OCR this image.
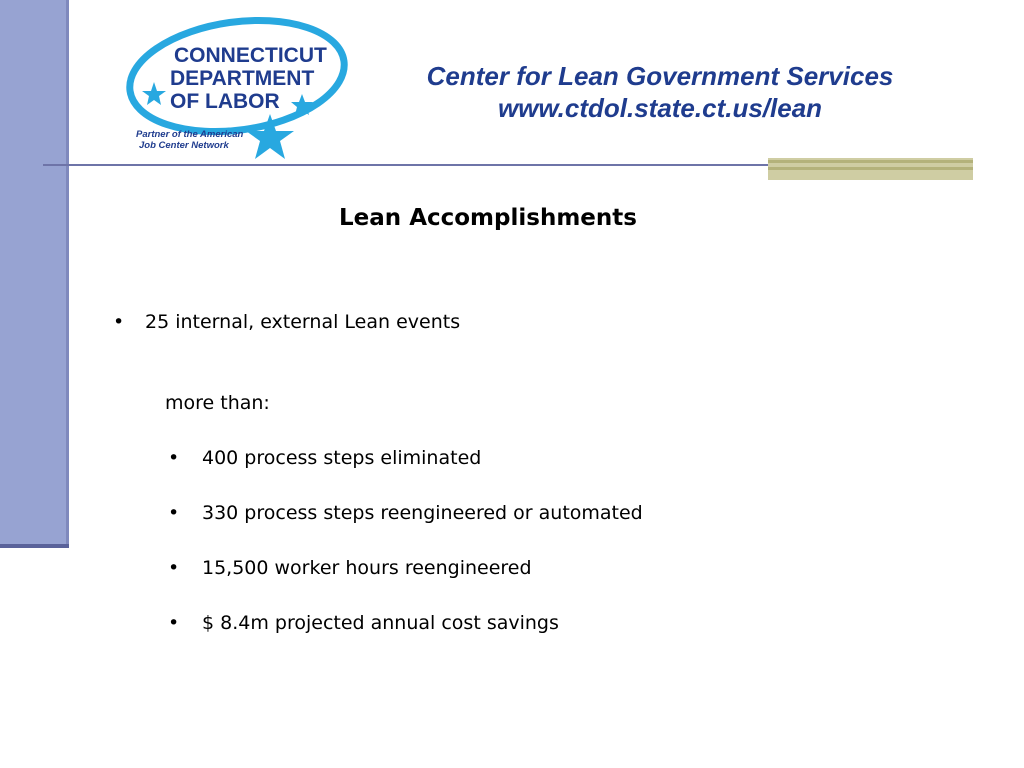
CONNECTICUT
DEPARTMENT
OF LABOR
Partner of the American
Job Center Network
Center for Lean Government Services
www.ctdol.state.ct.us/lean
Lean Accomplishments
• 25 internal, external Lean events
more than:
• 400 process steps eliminated
• 330 process steps reengineered or automated
• 15,500 worker hours reengineered
• $ 8.4m projected annual cost savings
